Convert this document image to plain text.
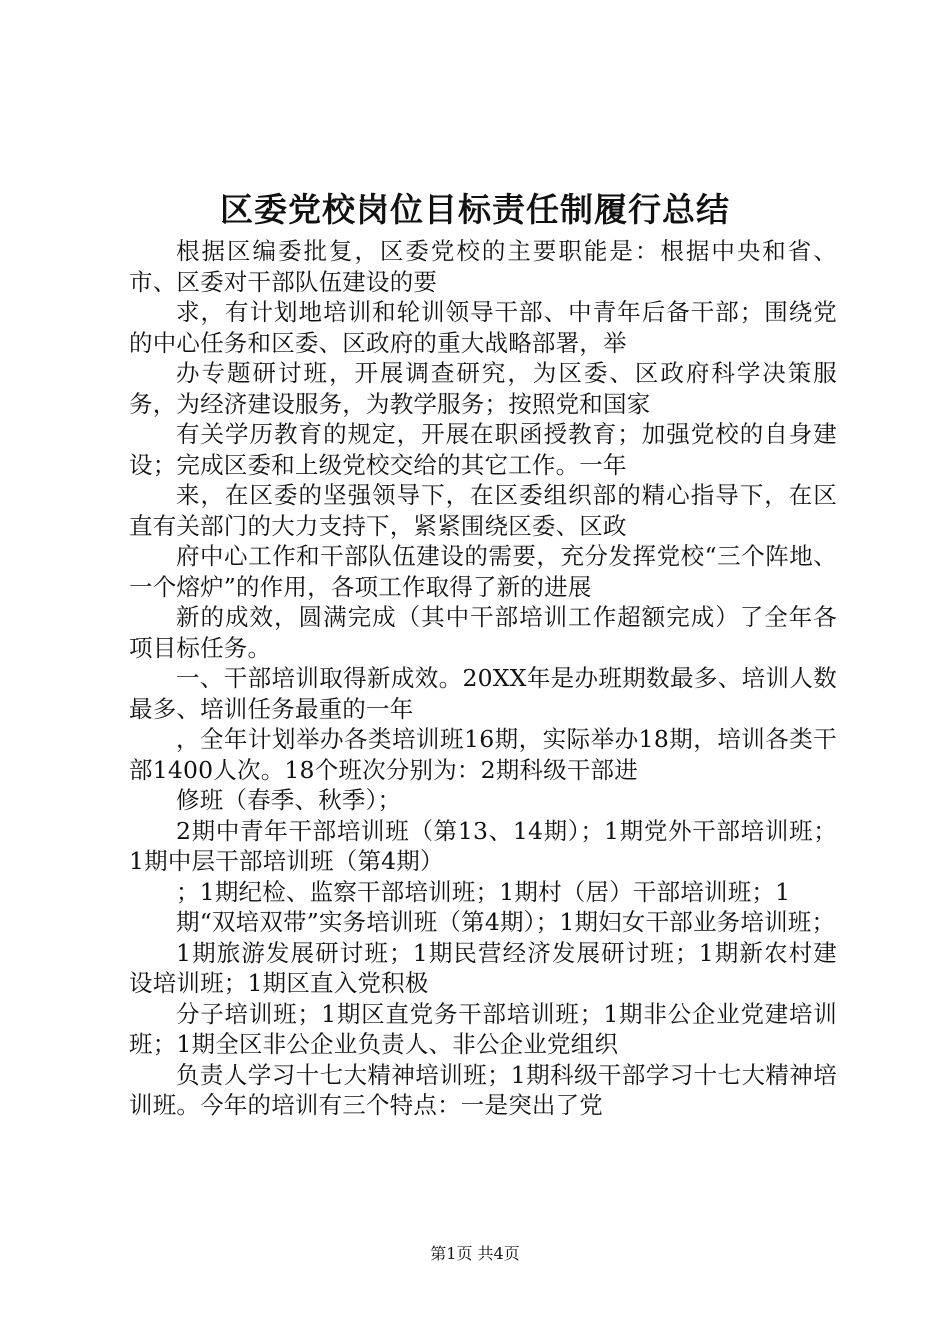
区委党校岗位目标责任制履行总结

根据区编委批复，区委党校的主要职能是：根据中央和省、市、区委对干部队伍建设的要

求，有计划地培训和轮训领导干部、中青年后备干部；围绕党的中心任务和区委、区政府的重大战略部署，举

办专题研讨班，开展调查研究，为区委、区政府科学决策服务，为经济建设服务，为教学服务；按照党和国家

有关学历教育的规定，开展在职函授教育；加强党校的自身建设；完成区委和上级党校交给的其它工作。一年

来，在区委的坚强领导下，在区委组织部的精心指导下，在区直有关部门的大力支持下，紧紧围绕区委、区政

府中心工作和干部队伍建设的需要，充分发挥党校“三个阵地、一个熔炉”的作用，各项工作取得了新的进展

新的成效，圆满完成（其中干部培训工作超额完成）了全年各项目标任务。

一、干部培训取得新成效。20XX年是办班期数最多、培训人数最多、培训任务最重的一年

，全年计划举办各类培训班16期，实际举办18期，培训各类干部1400人次。18个班次分别为：2期科级干部进

修班（春季、秋季）；

2期中青年干部培训班（第13、14期）；1期党外干部培训班；1期中层干部培训班（第4期）

；1期纪检、监察干部培训班；1期村（居）干部培训班；1

期“双培双带”实务培训班（第4期）；1期妇女干部业务培训班；

1期旅游发展研讨班；1期民营经济发展研讨班；1期新农村建设培训班；1期区直入党积极

分子培训班；1期区直党务干部培训班；1期非公企业党建培训班；1期全区非公企业负责人、非公企业党组织

负责人学习十七大精神培训班；1期科级干部学习十七大精神培训班。今年的培训有三个特点：一是突出了党

第1页 共4页
